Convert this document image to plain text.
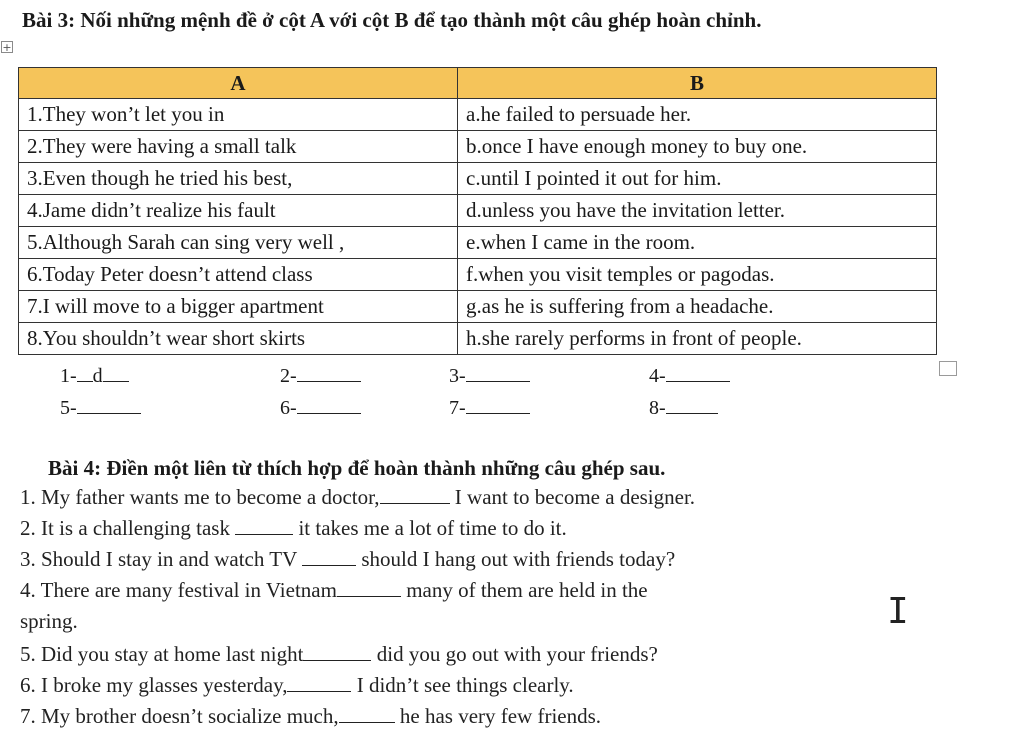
Bài 3: Nối những mệnh đề ở cột A với cột B để tạo thành một câu ghép hoàn chỉnh.
+
A	B
1.They won’t let you in	a.he failed to persuade her.
2.They were having a small talk	b.once I have enough money to buy one.
3.Even though he tried his best,	c.until I pointed it out for him.
4.Jame didn’t realize his fault	d.unless you have the invitation letter.
5.Although Sarah can sing very well ,	e.when I came in the room.
6.Today Peter doesn’t attend class	f.when you visit temples or pagodas.
7.I will move to a bigger apartment	g.as he is suffering from a headache.
8.You shouldn’t wear short skirts	h.she rarely performs in front of people.
1- d	2-	3-	4-
5-	6-	7-	8-
Bài 4: Điền một liên từ thích hợp để hoàn thành những câu ghép sau.
1. My father wants me to become a doctor,	I want to become a designer.
2. It is a challenging task	it takes me a lot of time to do it.
3. Should I stay in and watch TV	should I hang out with friends today?
4. There are many festival in Vietnam	many of them are held in the
spring.
5. Did you stay at home last night	did you go out with your friends?
6. I broke my glasses yesterday,	I didn’t see things clearly.
7. My brother doesn’t socialize much,	he has very few friends.
I
